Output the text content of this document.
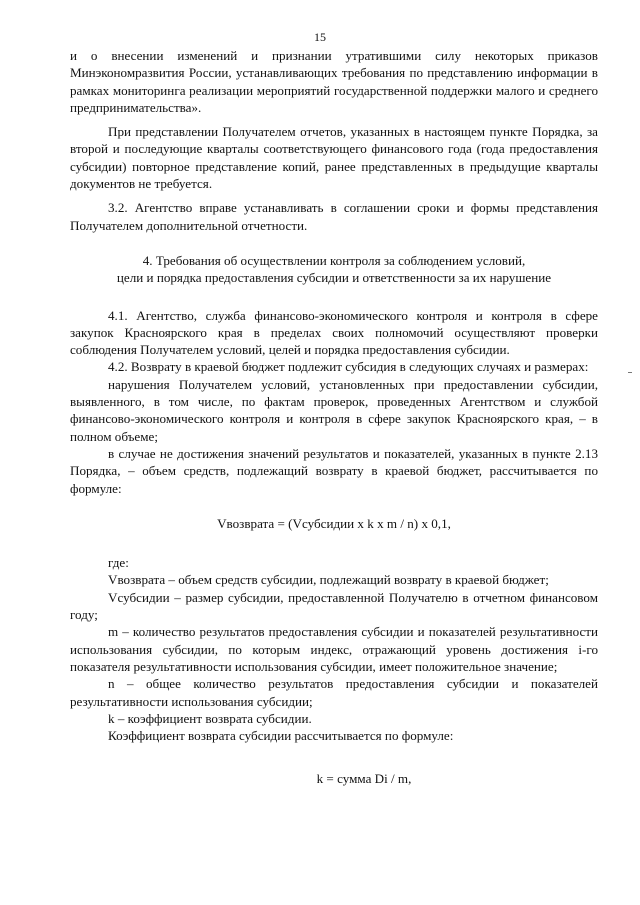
15

и о внесении изменений и признании утратившими силу некоторых приказов Минэкономразвития России, устанавливающих требования по представлению информации в рамках мониторинга реализации мероприятий государственной поддержки малого и среднего предпринимательства».

При представлении Получателем отчетов, указанных в настоящем пункте Порядка, за второй и последующие кварталы соответствующего финансового года (года предоставления субсидии) повторное представление копий, ранее представленных в предыдущие кварталы документов не требуется.

3.2. Агентство вправе устанавливать в соглашении сроки и формы представления Получателем дополнительной отчетности.

4. Требования об осуществлении контроля за соблюдением условий,
цели и порядка предоставления субсидии и ответственности за их нарушение

4.1. Агентство, служба финансово-экономического контроля и контроля в сфере закупок Красноярского края в пределах своих полномочий осуществляют проверки соблюдения Получателем условий, целей и порядка предоставления субсидии.

4.2. Возврату в краевой бюджет подлежит субсидия в следующих случаях и размерах:

нарушения Получателем условий, установленных при предоставлении субсидии, выявленного, в том числе, по фактам проверок, проведенных Агентством и службой финансово-экономического контроля и контроля в сфере закупок Красноярского края, – в полном объеме;

в случае не достижения значений результатов и показателей, указанных в пункте 2.13 Порядка, – объем средств, подлежащий возврату в краевой бюджет, рассчитывается по формуле:

Vвозврата = (Vсубсидии x k x m / n) x 0,1,

где:

Vвозврата – объем средств субсидии, подлежащий возврату в краевой бюджет;

Vсубсидии – размер субсидии, предоставленной Получателю в отчетном финансовом году;

m – количество результатов предоставления субсидии и показателей результативности использования субсидии, по которым индекс, отражающий уровень достижения i-го показателя результативности использования субсидии, имеет положительное значение;

n – общее количество результатов предоставления субсидии и показателей результативности использования субсидии;

k – коэффициент возврата субсидии.

Коэффициент возврата субсидии рассчитывается по формуле:

k = сумма Di / m,
